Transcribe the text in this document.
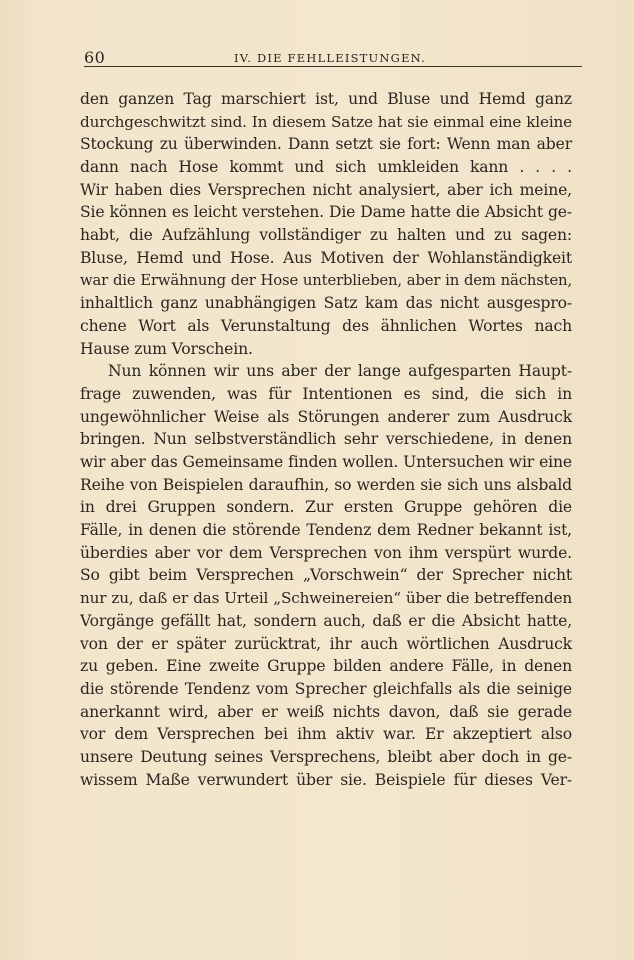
60	IV. DIE FEHLLEISTUNGEN.
den ganzen Tag marschiert ist, und Bluse und Hemd ganz
durchgeschwitzt sind. In diesem Satze hat sie einmal eine kleine
Stockung zu überwinden. Dann setzt sie fort: Wenn man aber
dann nach Hose kommt und sich umkleiden kann . . . .
Wir haben dies Versprechen nicht analysiert, aber ich meine,
Sie können es leicht verstehen. Die Dame hatte die Absicht ge-
habt, die Aufzählung vollständiger zu halten und zu sagen:
Bluse, Hemd und Hose. Aus Motiven der Wohlanständigkeit
war die Erwähnung der Hose unterblieben, aber in dem nächsten,
inhaltlich ganz unabhängigen Satz kam das nicht ausgespro-
chene Wort als Verunstaltung des ähnlichen Wortes nach
Hause zum Vorschein.
Nun können wir uns aber der lange aufgesparten Haupt-
frage zuwenden, was für Intentionen es sind, die sich in
ungewöhnlicher Weise als Störungen anderer zum Ausdruck
bringen. Nun selbstverständlich sehr verschiedene, in denen
wir aber das Gemeinsame finden wollen. Untersuchen wir eine
Reihe von Beispielen daraufhin, so werden sie sich uns alsbald
in drei Gruppen sondern. Zur ersten Gruppe gehören die
Fälle, in denen die störende Tendenz dem Redner bekannt ist,
überdies aber vor dem Versprechen von ihm verspürt wurde.
So gibt beim Versprechen „Vorschwein“ der Sprecher nicht
nur zu, daß er das Urteil „Schweinereien“ über die betreffenden
Vorgänge gefällt hat, sondern auch, daß er die Absicht hatte,
von der er später zurücktrat, ihr auch wörtlichen Ausdruck
zu geben. Eine zweite Gruppe bilden andere Fälle, in denen
die störende Tendenz vom Sprecher gleichfalls als die seinige
anerkannt wird, aber er weiß nichts davon, daß sie gerade
vor dem Versprechen bei ihm aktiv war. Er akzeptiert also
unsere Deutung seines Versprechens, bleibt aber doch in ge-
wissem Maße verwundert über sie. Beispiele für dieses Ver-
